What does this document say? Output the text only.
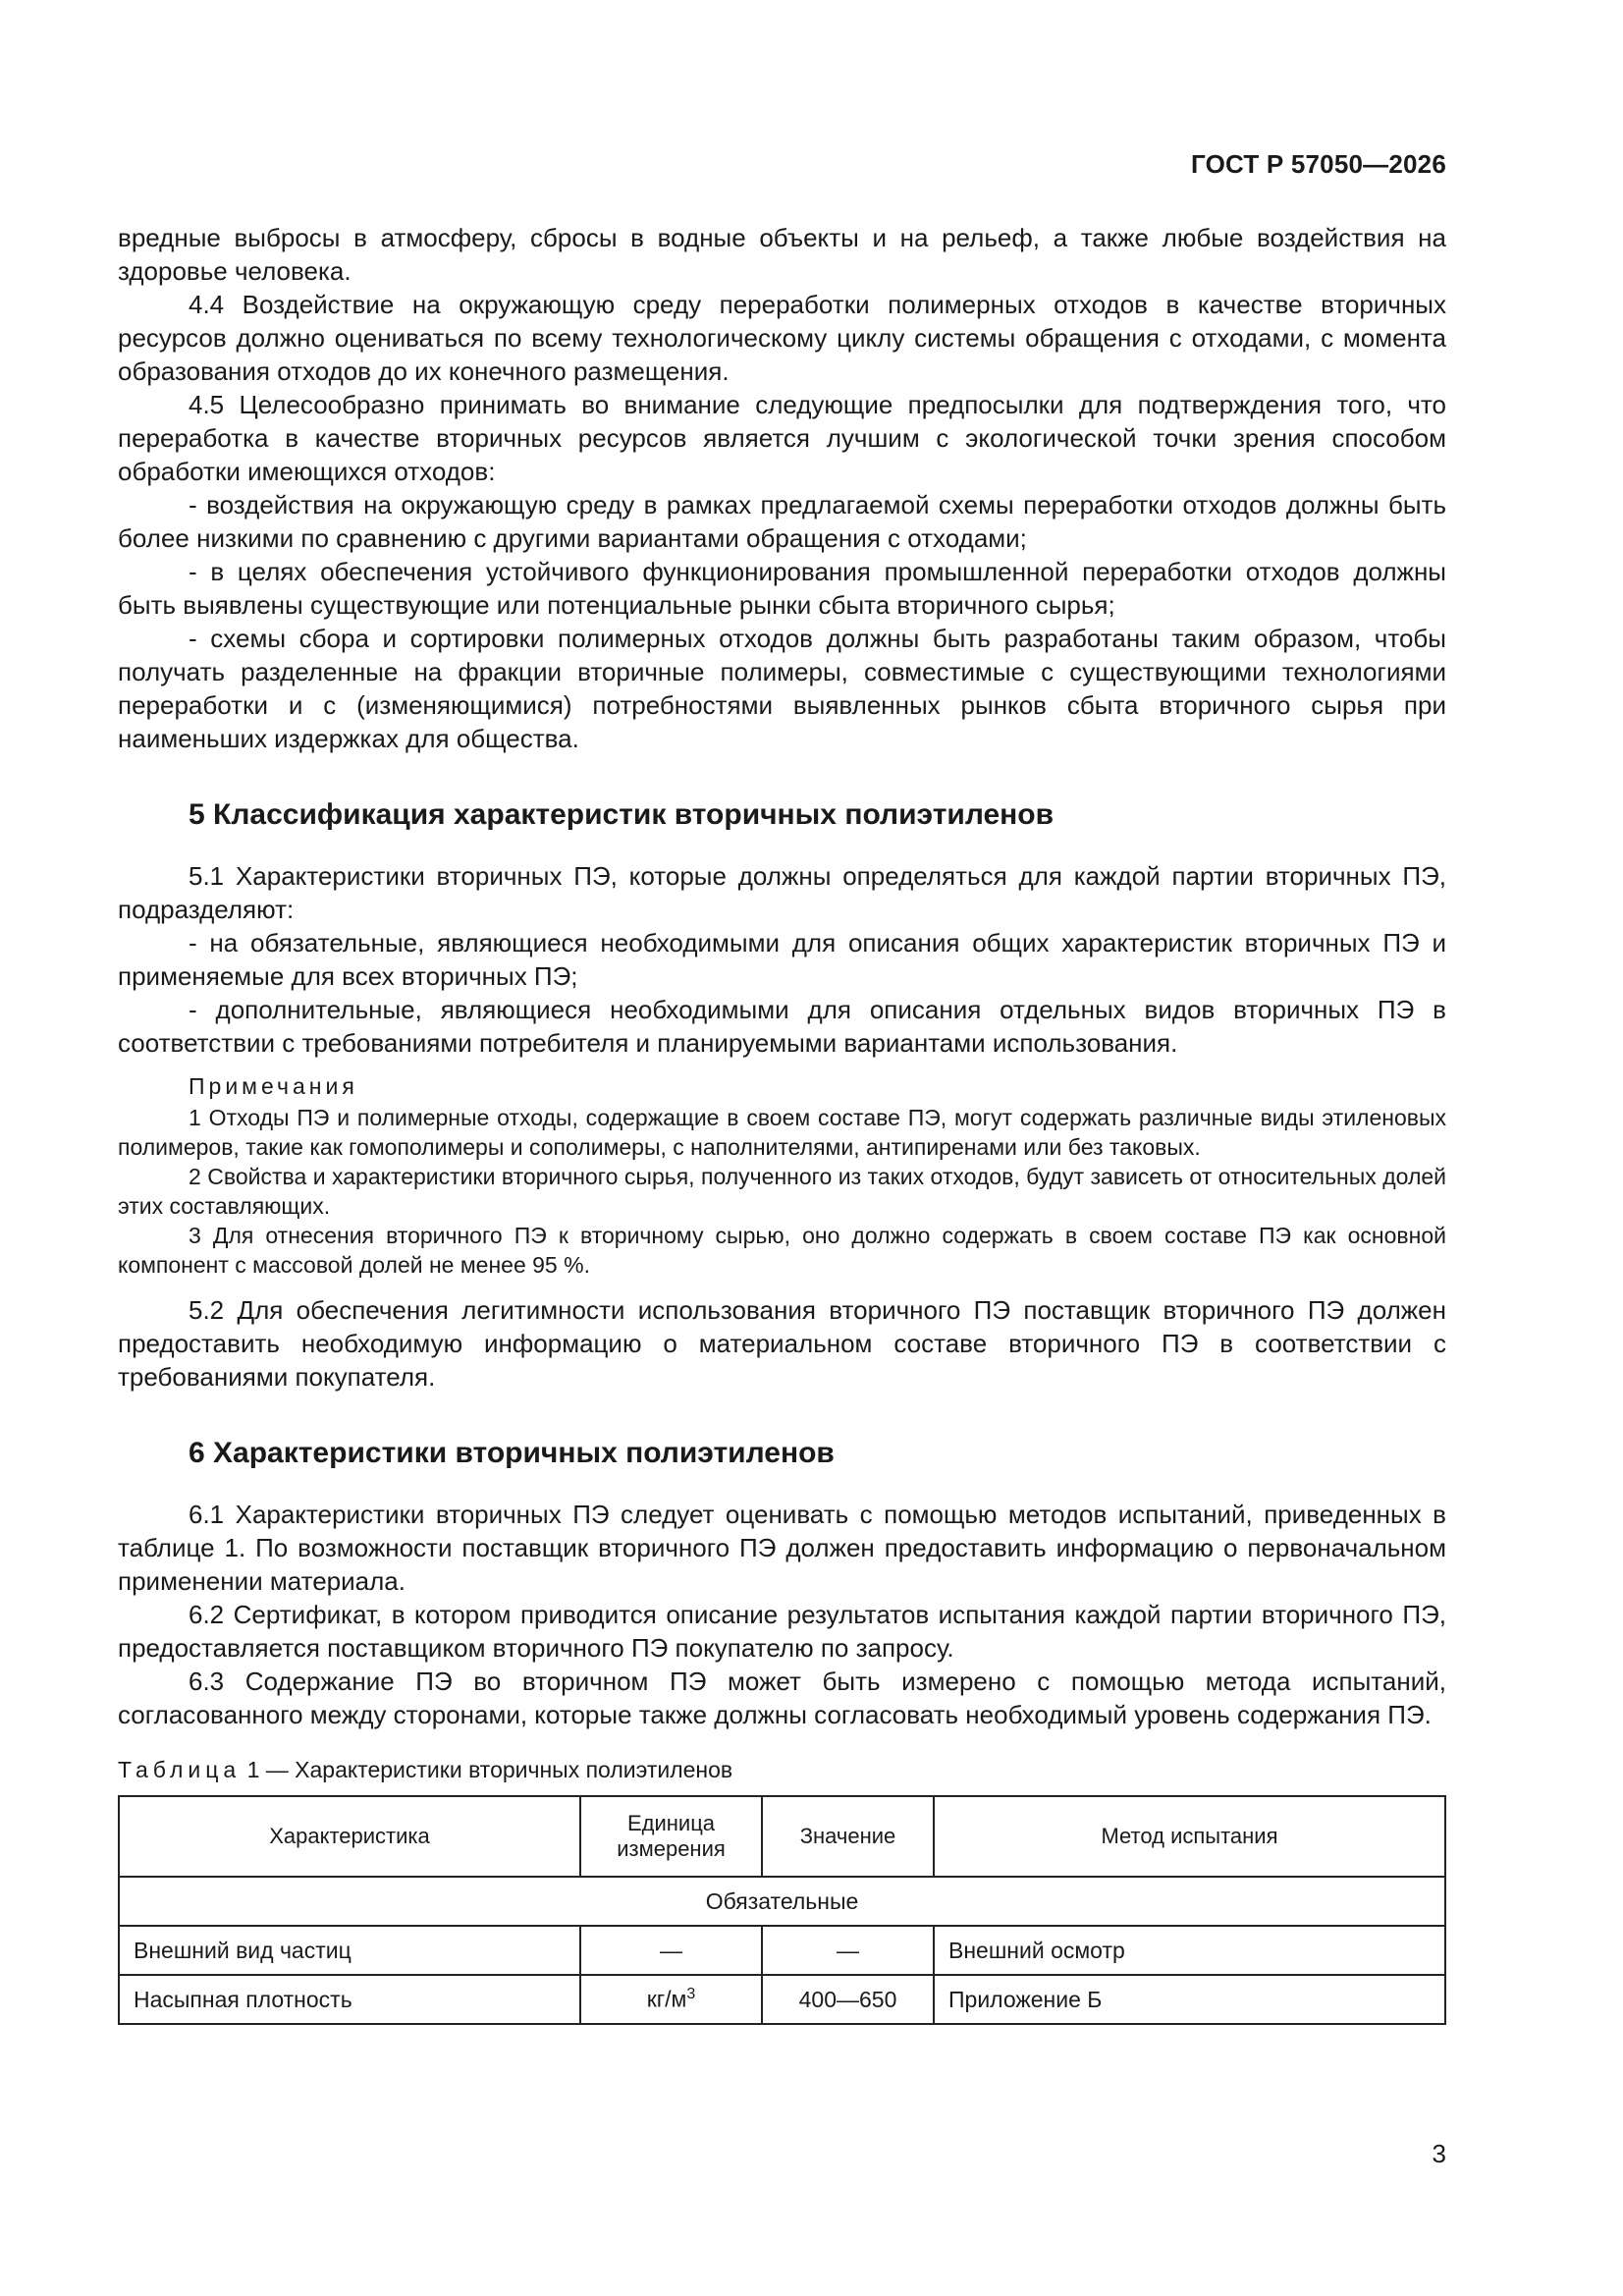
ГОСТ Р 57050—2026

вредные выбросы в атмосферу, сбросы в водные объекты и на рельеф, а также любые воздействия на здоровье человека.

4.4 Воздействие на окружающую среду переработки полимерных отходов в качестве вторичных ресурсов должно оцениваться по всему технологическому циклу системы обращения с отходами, с момента образования отходов до их конечного размещения.

4.5 Целесообразно принимать во внимание следующие предпосылки для подтверждения того, что переработка в качестве вторичных ресурсов является лучшим с экологической точки зрения способом обработки имеющихся отходов:

- воздействия на окружающую среду в рамках предлагаемой схемы переработки отходов должны быть более низкими по сравнению с другими вариантами обращения с отходами;

- в целях обеспечения устойчивого функционирования промышленной переработки отходов должны быть выявлены существующие или потенциальные рынки сбыта вторичного сырья;

- схемы сбора и сортировки полимерных отходов должны быть разработаны таким образом, чтобы получать разделенные на фракции вторичные полимеры, совместимые с существующими технологиями переработки и с (изменяющимися) потребностями выявленных рынков сбыта вторичного сырья при наименьших издержках для общества.

5 Классификация характеристик вторичных полиэтиленов

5.1 Характеристики вторичных ПЭ, которые должны определяться для каждой партии вторичных ПЭ, подразделяют:

- на обязательные, являющиеся необходимыми для описания общих характеристик вторичных ПЭ и применяемые для всех вторичных ПЭ;

- дополнительные, являющиеся необходимыми для описания отдельных видов вторичных ПЭ в соответствии с требованиями потребителя и планируемыми вариантами использования.

Примечания

1 Отходы ПЭ и полимерные отходы, содержащие в своем составе ПЭ, могут содержать различные виды этиленовых полимеров, такие как гомополимеры и сополимеры, с наполнителями, антипиренами или без таковых.

2 Свойства и характеристики вторичного сырья, полученного из таких отходов, будут зависеть от относительных долей этих составляющих.

3 Для отнесения вторичного ПЭ к вторичному сырью, оно должно содержать в своем составе ПЭ как основной компонент с массовой долей не менее 95 %.

5.2 Для обеспечения легитимности использования вторичного ПЭ поставщик вторичного ПЭ должен предоставить необходимую информацию о материальном составе вторичного ПЭ в соответствии с требованиями покупателя.

6 Характеристики вторичных полиэтиленов

6.1 Характеристики вторичных ПЭ следует оценивать с помощью методов испытаний, приведенных в таблице 1. По возможности поставщик вторичного ПЭ должен предоставить информацию о первоначальном применении материала.

6.2 Сертификат, в котором приводится описание результатов испытания каждой партии вторичного ПЭ, предоставляется поставщиком вторичного ПЭ покупателю по запросу.

6.3 Содержание ПЭ во вторичном ПЭ может быть измерено с помощью метода испытаний, согласованного между сторонами, которые также должны согласовать необходимый уровень содержания ПЭ.

Таблица 1 — Характеристики вторичных полиэтиленов

Характеристика	Единица измерения	Значение	Метод испытания
Обязательные			
Внешний вид частиц	—	—	Внешний осмотр
Насыпная плотность	$кг/м^3$	400—650	Приложение Б
3
